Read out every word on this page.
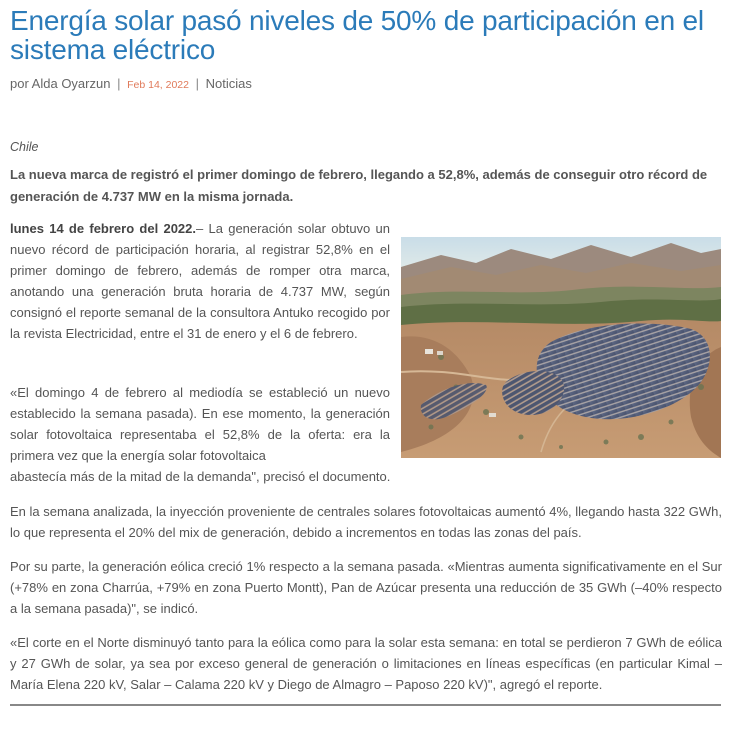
Energía solar pasó niveles de 50% de participación en el sistema eléctrico
por Alda Oyarzun | Feb 14, 2022 | Noticias
Chile

La nueva marca de registró el primer domingo de febrero, llegando a 52,8%, además de conseguir otro récord de generación de 4.737 MW en la misma jornada.

lunes 14 de febrero del 2022.– La generación solar obtuvo un nuevo récord de participación horaria, al registrar 52,8% en el primer domingo de febrero, además de romper otra marca, anotando una generación bruta horaria de 4.737 MW, según consignó el reporte semanal de la consultora Antuko recogido por la revista Electricidad, entre el 31 de enero y el 6 de febrero.

«El domingo 4 de febrero al mediodía se estableció un nuevo establecido la semana pasada). En ese momento, la generación solar fotovoltaica representaba el 52,8% de la oferta: era la primera vez que la energía solar fotovoltaica
abastecía más de la mitad de la demanda", precisó el documento.

En la semana analizada, la inyección proveniente de centrales solares fotovoltaicas aumentó 4%, llegando hasta 322 GWh, lo que representa el 20% del mix de generación, debido a incrementos en todas las zonas del país.

Por su parte, la generación eólica creció 1% respecto a la semana pasada. «Mientras aumenta significativamente en el Sur (+78% en zona Charrúa, +79% en zona Puerto Montt), Pan de Azúcar presenta una reducción de 35 GWh (–40% respecto a la semana pasada)", se indicó.

«El corte en el Norte disminuyó tanto para la eólica como para la solar esta semana: en total se perdieron 7 GWh de eólica y 27 GWh de solar, ya sea por exceso general de generación o limitaciones en líneas específicas (en particular Kimal – María Elena 220 kV, Salar – Calama 220 kV y Diego de Almagro – Paposo 220 kV)", agregó el reporte.
